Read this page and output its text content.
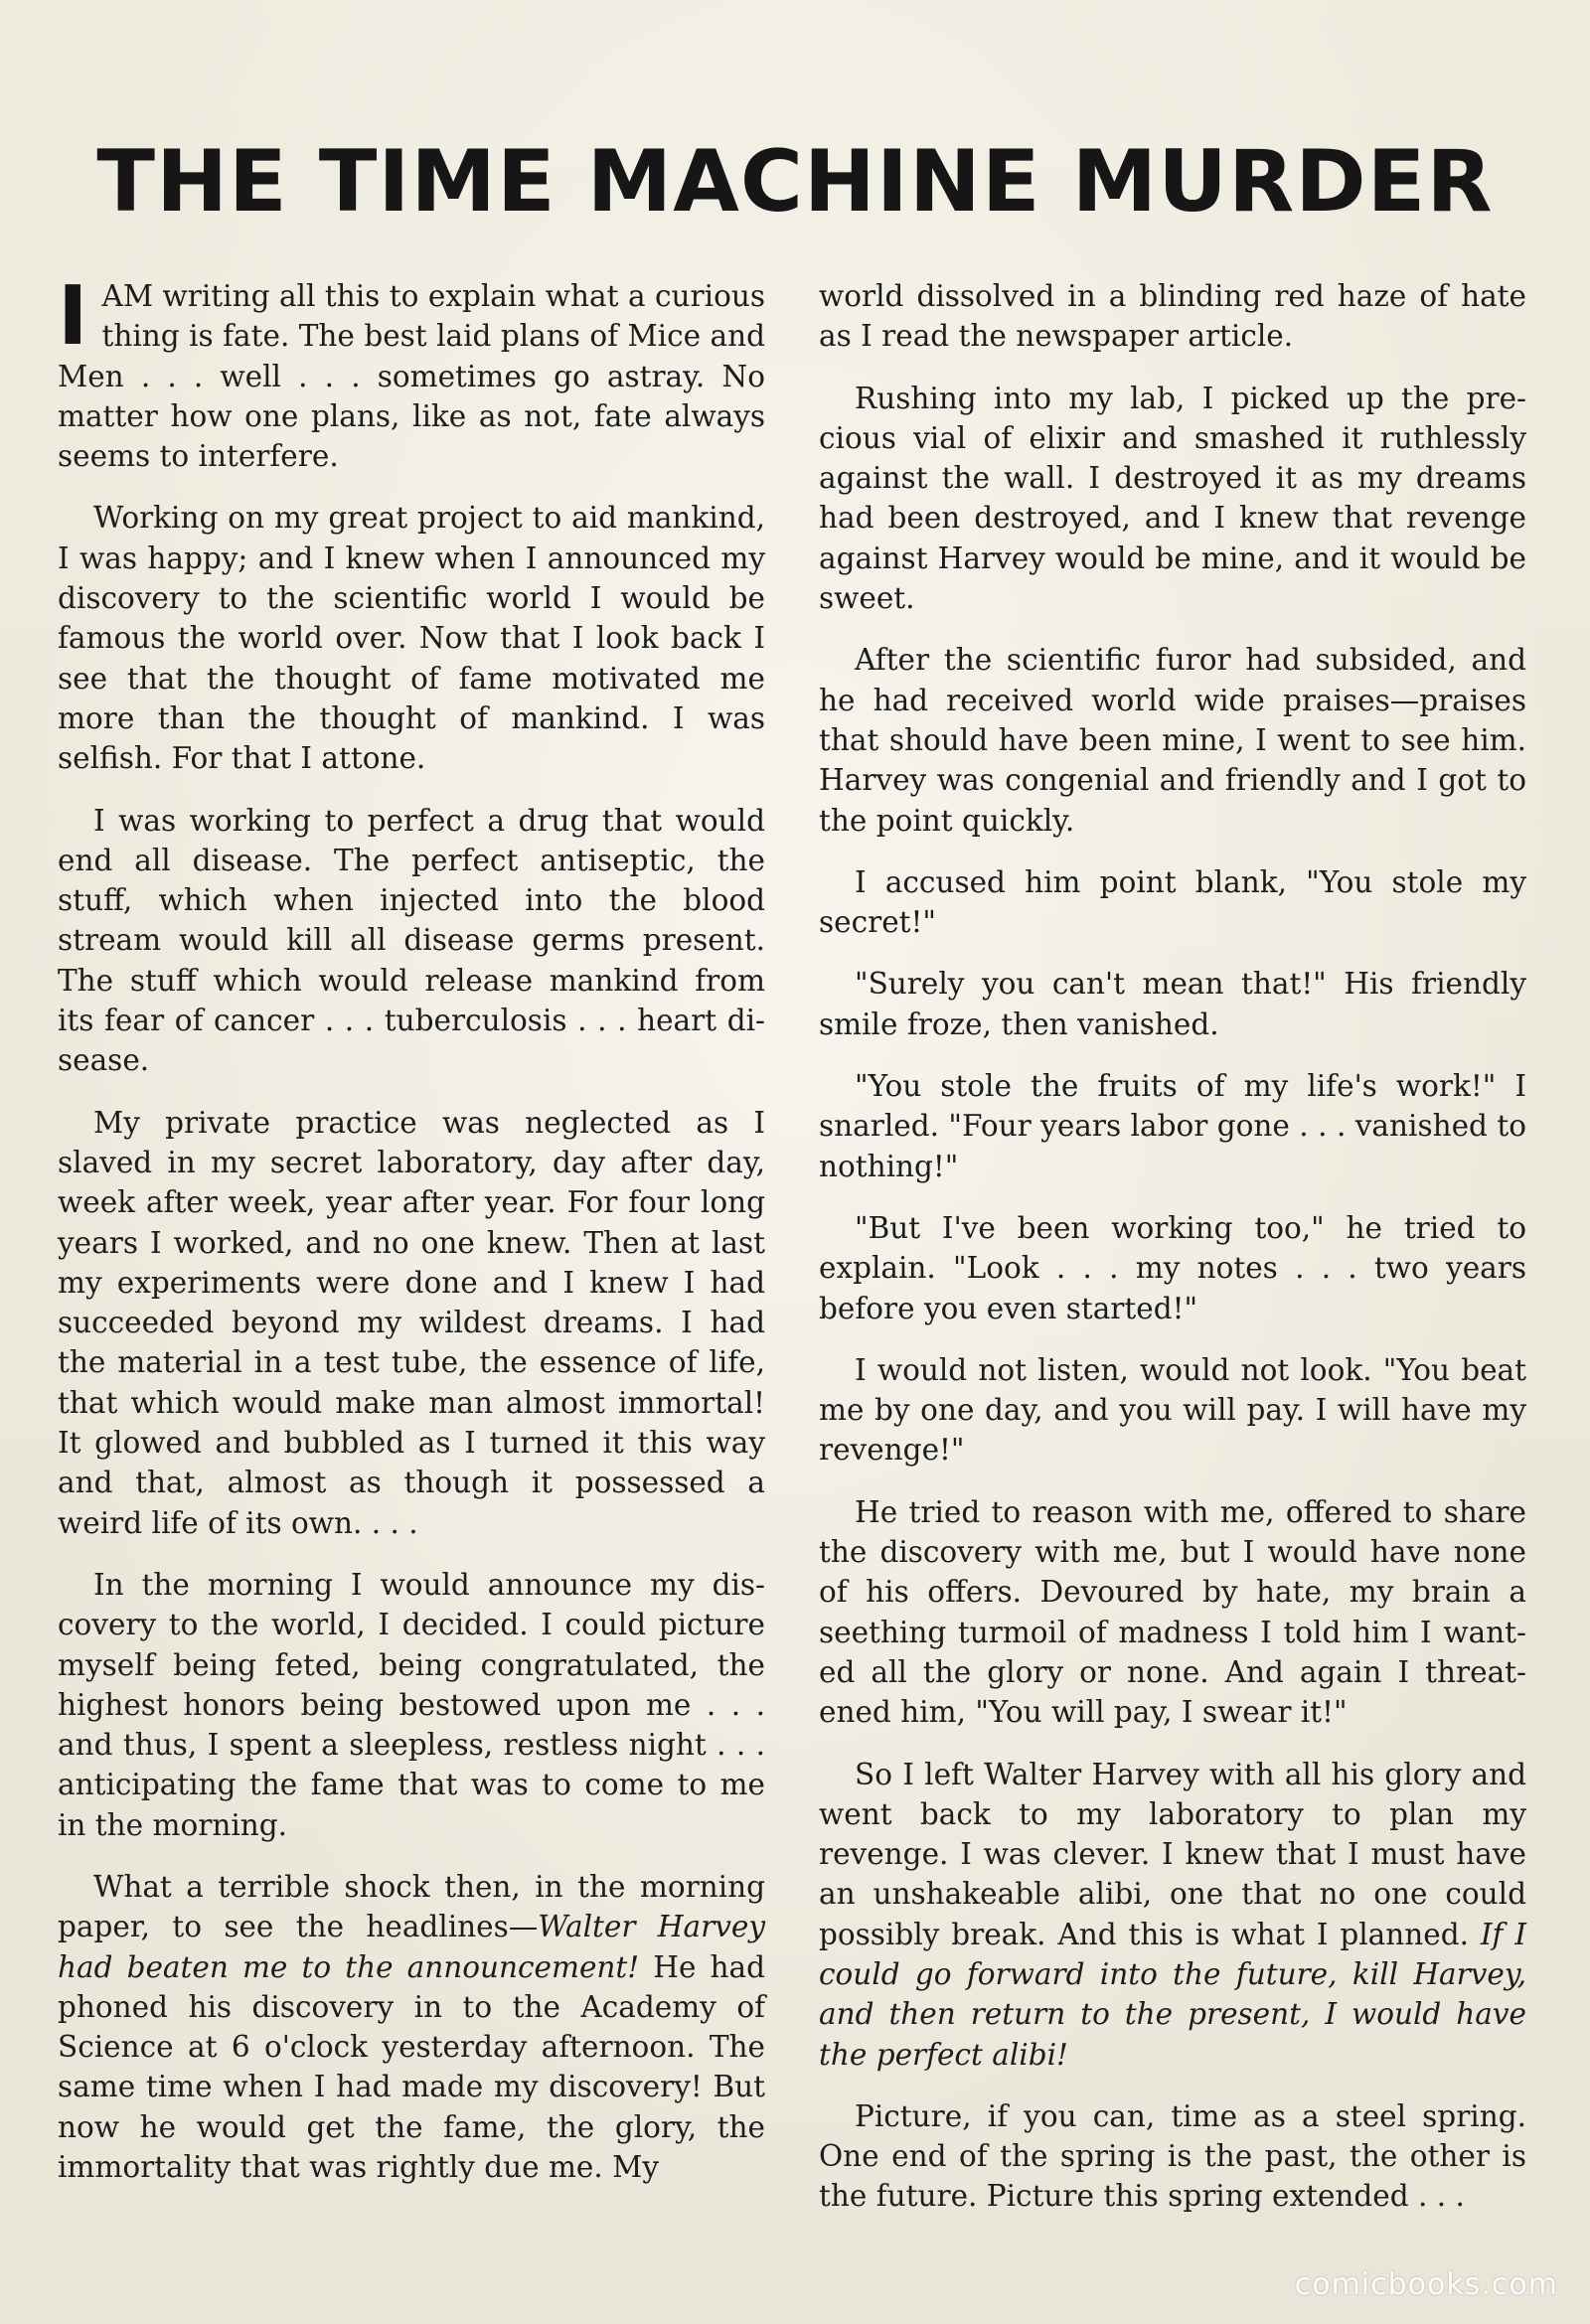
THE TIME MACHINE MURDER

IAM writing all this to explain what a curious thing is fate. The best laid plans of Mice and Men . . . well . . . sometimes go astray. No matter how one plans, like as not, fate always seems to interfere.

Working on my great project to aid mankind, I was happy; and I knew when I announced my discovery to the scientific world I would be famous the world over. Now that I look back I see that the thought of fame motivated me more than the thought of mankind. I was selfish. For that I attone.

I was working to perfect a drug that would end all disease. The perfect antiseptic, the stuff, which when injected into the blood stream would kill all disease germs present. The stuff which would release mankind from its fear of cancer . . . tuberculosis . . . heart disease.

My private practice was neglected as I slaved in my secret laboratory, day after day, week after week, year after year. For four long years I worked, and no one knew. Then at last my experiments were done and I knew I had succeeded beyond my wildest dreams. I had the material in a test tube, the essence of life, that which would make man almost immortal! It glowed and bubbled as I turned it this way and that, almost as though it possessed a weird life of its own. . . .

In the morning I would announce my discovery to the world, I decided. I could picture myself being feted, being congratulated, the highest honors being bestowed upon me . . . and thus, I spent a sleepless, restless night . . . anticipating the fame that was to come to me in the morning.

What a terrible shock then, in the morning paper, to see the headlines—Walter Harvey had beaten me to the announcement! He had phoned his discovery in to the Academy of Science at 6 o'clock yesterday afternoon. The same time when I had made my discovery! But now he would get the fame, the glory, the immortality that was rightly due me. My

world dissolved in a blinding red haze of hate as I read the newspaper article.

Rushing into my lab, I picked up the precious vial of elixir and smashed it ruthlessly against the wall. I destroyed it as my dreams had been destroyed, and I knew that revenge against Harvey would be mine, and it would be sweet.

After the scientific furor had subsided, and he had received world wide praises—praises that should have been mine, I went to see him. Harvey was congenial and friendly and I got to the point quickly.

I accused him point blank, "You stole my secret!"

"Surely you can't mean that!" His friendly smile froze, then vanished.

"You stole the fruits of my life's work!" I snarled. "Four years labor gone . . . vanished to nothing!"

"But I've been working too," he tried to explain. "Look . . . my notes . . . two years before you even started!"

I would not listen, would not look. "You beat me by one day, and you will pay. I will have my revenge!"

He tried to reason with me, offered to share the discovery with me, but I would have none of his offers. Devoured by hate, my brain a seething turmoil of madness I told him I wanted all the glory or none. And again I threatened him, "You will pay, I swear it!"

So I left Walter Harvey with all his glory and went back to my laboratory to plan my revenge. I was clever. I knew that I must have an unshakeable alibi, one that no one could possibly break. And this is what I planned. If I could go forward into the future, kill Harvey, and then return to the present, I would have the perfect alibi!

Picture, if you can, time as a steel spring. One end of the spring is the past, the other is the future. Picture this spring extended . . .

comicbooks.com
